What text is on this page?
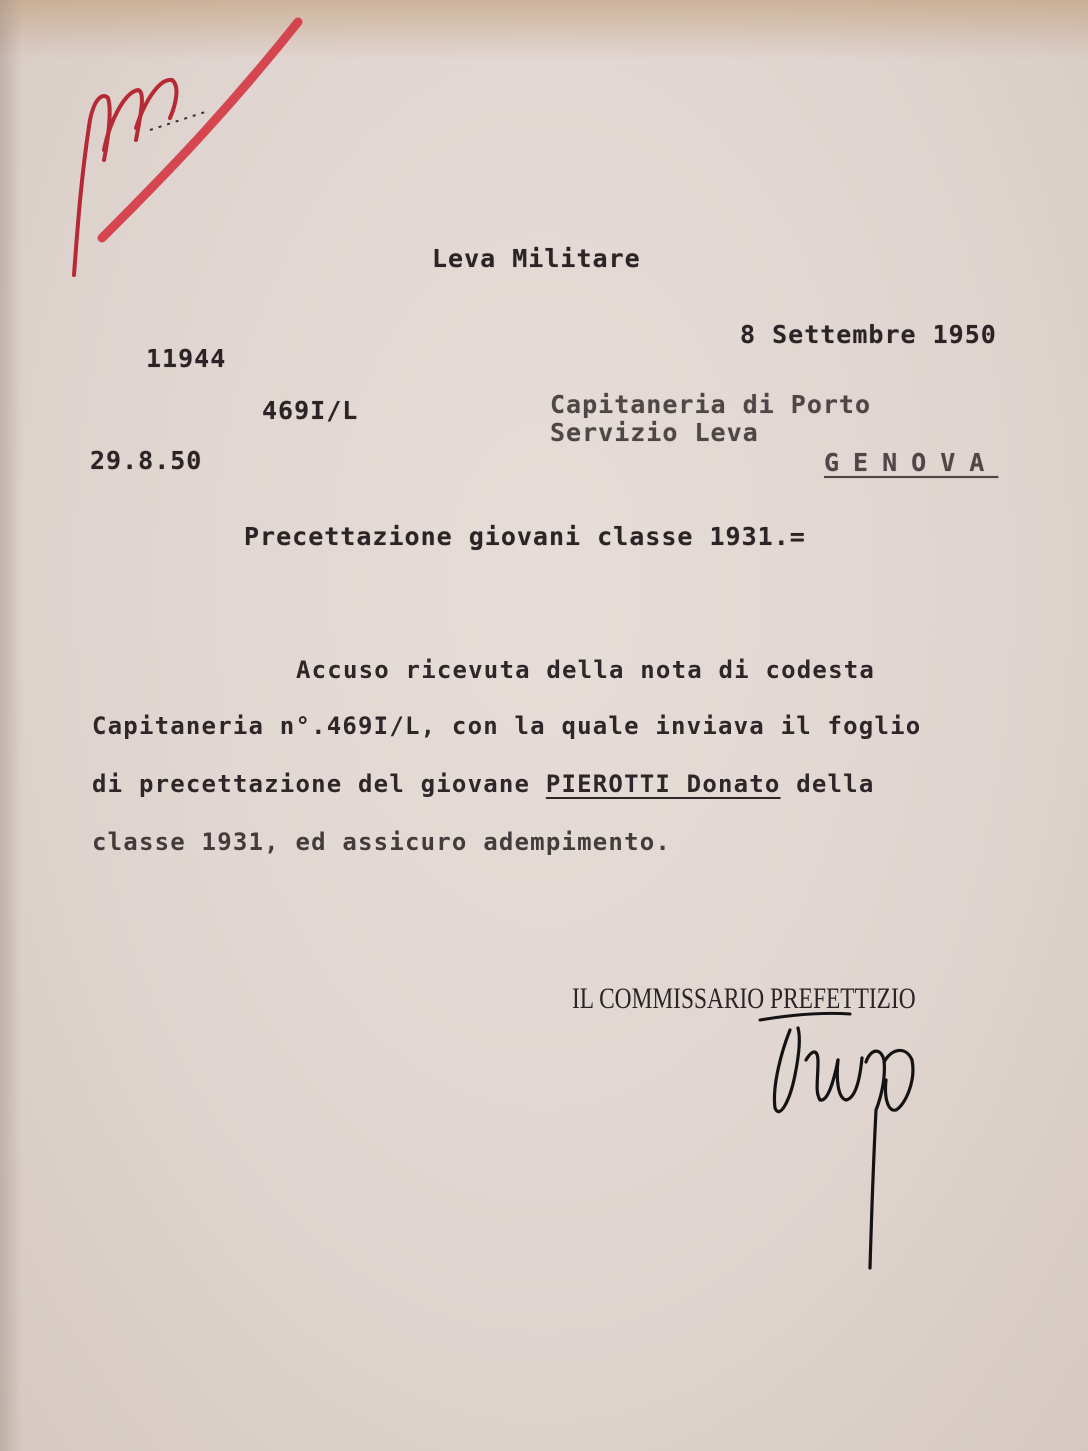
Leva Militare
8 Settembre 1950
11944
469I/L	Capitaneria di Porto
Servizio Leva
29.8.50	GENOVA
Precettazione giovani classe 1931.=
Accuso ricevuta della nota di codesta
Capitaneria n°.469I/L, con la quale inviava il foglio
di precettazione del giovane PIEROTTI Donato della
classe 1931, ed assicuro adempimento.
IL COMMISSARIO PREFETTIZIO
